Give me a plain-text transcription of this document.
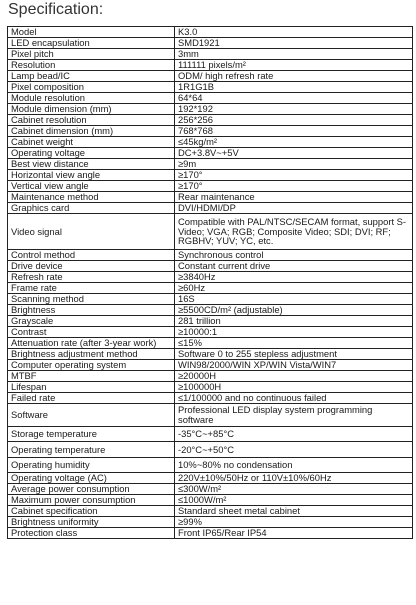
Specification:
Model	K3.0
LED encapsulation	SMD1921
Pixel pitch	3mm
Resolution	111111 pixels/m²
Lamp bead/IC	ODM/ high refresh rate
Pixel composition	1R1G1B
Module resolution	64*64
Module dimension (mm)	192*192
Cabinet resolution	256*256
Cabinet dimension (mm)	768*768
Cabinet weight	≤45kg/m²
Operating voltage	DC+3.8V~+5V
Best view distance	≥9m
Horizontal view angle	≥170°
Vertical view angle	≥170°
Maintenance method	Rear maintenance
Graphics card	DVI/HDMI/DP
Video signal	Compatible with PAL/NTSC/SECAM format, support S-Video; VGA; RGB; Composite Video; SDI; DVI; RF; RGBHV; YUV; YC, etc.
Control method	Synchronous control
Drive device	Constant current drive
Refresh rate	≥3840Hz
Frame rate	≥60Hz
Scanning method	16S
Brightness	≥5500CD/m² (adjustable)
Grayscale	281 trillion
Contrast	≥10000:1
Attenuation rate (after 3-year work)	≤15%
Brightness adjustment method	Software 0 to 255 stepless adjustment
Computer operating system	WIN98/2000/WIN XP/WIN Vista/WIN7
MTBF	≥20000H
Lifespan	≥100000H
Failed rate	≤1/100000 and no continuous failed
Software	Professional LED display system programming software
Storage temperature	-35°C~+85°C
Operating temperature	-20°C~+50°C
Operating humidity	10%~80% no condensation
Operating voltage (AC)	220V±10%/50Hz or 110V±10%/60Hz
Average power consumption	≤300W/m²
Maximum power consumption	≤1000W/m²
Cabinet specification	Standard sheet metal cabinet
Brightness uniformity	≥99%
Protection class	Front IP65/Rear IP54
